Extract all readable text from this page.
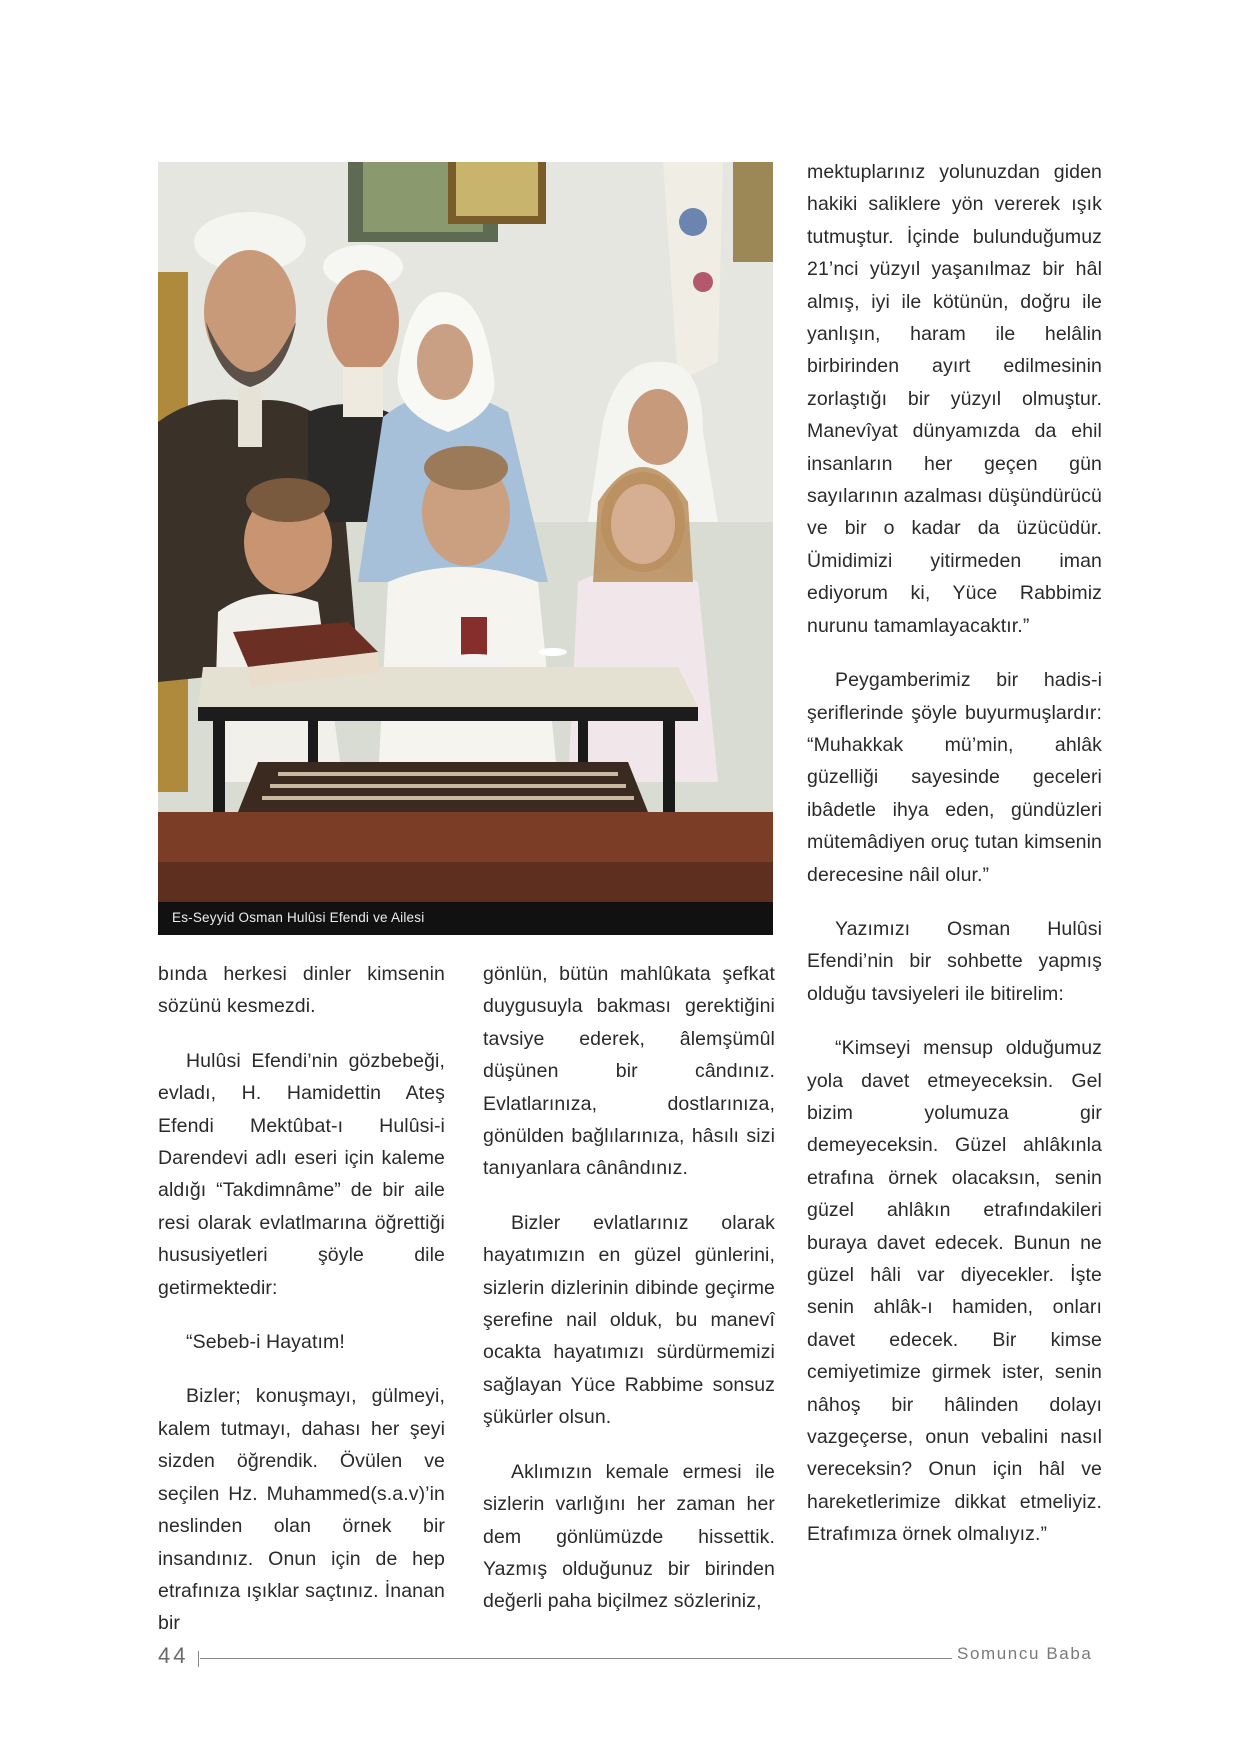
Es-Seyyid Osman Hulûsi Efendi ve Ailesi

bında herkesi dinler kimsenin sözünü kesmezdi.

Hulûsi Efendi’nin gözbebeği, evladı, H. Hamidettin Ateş Efendi Mektûbat-ı Hulûsi-i Darendevi adlı eseri için kaleme aldığı “Takdimnâme” de bir aile resi olarak evlatlmarına öğrettiği hususiyetleri şöyle dile getirmektedir:

“Sebeb-i Hayatım!

Bizler; konuşmayı, gülmeyi, kalem tutmayı, dahası her şeyi sizden öğrendik. Övülen ve seçilen Hz. Muhammed(s.a.v)’in neslinden olan örnek bir insandınız. Onun için de hep etrafınıza ışıklar saçtınız. İnanan bir

gönlün, bütün mahlûkata şefkat duygusuyla bakması gerektiğini tavsiye ederek, âlemşümûl düşünen bir cândınız. Evlatlarınıza, dostlarınıza, gönülden bağlılarınıza, hâsılı sizi tanıyanlara cânândınız.

Bizler evlatlarınız olarak hayatımızın en güzel günlerini, sizlerin dizlerinin dibinde geçirme şerefine nail olduk, bu manevî ocakta hayatımızı sürdürmemizi sağlayan Yüce Rabbime sonsuz şükürler olsun.

Aklımızın kemale ermesi ile sizlerin varlığını her zaman her dem gönlümüzde hissettik. Yazmış olduğunuz bir birinden değerli paha biçilmez sözleriniz,

mektuplarınız yolunuzdan giden hakiki saliklere yön vererek ışık tutmuştur. İçinde bulunduğumuz 21’nci yüzyıl yaşanılmaz bir hâl almış, iyi ile kötünün, doğru ile yanlışın, haram ile helâlin birbirinden ayırt edilmesinin zorlaştığı bir yüzyıl olmuştur. Manevîyat dünyamızda da ehil insanların her geçen gün sayılarının azalması düşündürücü ve bir o kadar da üzücüdür. Ümidimizi yitirmeden iman ediyorum ki, Yüce Rabbimiz nurunu tamamlayacaktır.”

Peygamberimiz bir hadis-i şeriflerinde şöyle buyurmuşlardır: “Muhakkak mü’min, ahlâk güzelliği sayesinde geceleri ibâdetle ihya eden, gündüzleri mütemâdiyen oruç tutan kimsenin derecesine nâil olur.”

Yazımızı Osman Hulûsi Efendi’nin bir sohbette yapmış olduğu tavsiyeleri ile bitirelim:

“Kimseyi mensup olduğumuz yola davet etmeyeceksin. Gel bizim yolumuza gir demeyeceksin. Güzel ahlâkınla etrafına örnek olacaksın, senin güzel ahlâkın etrafındakileri buraya davet edecek. Bunun ne güzel hâli var diyecekler. İşte senin ahlâk-ı hamiden, onları davet edecek. Bir kimse cemiyetimize girmek ister, senin nâhoş bir hâlinden dolayı vazgeçerse, onun vebalini nasıl vereceksin? Onun için hâl ve hareketlerimize dikkat etmeliyiz. Etrafımıza örnek olmalıyız.”

44	Somuncu Baba
